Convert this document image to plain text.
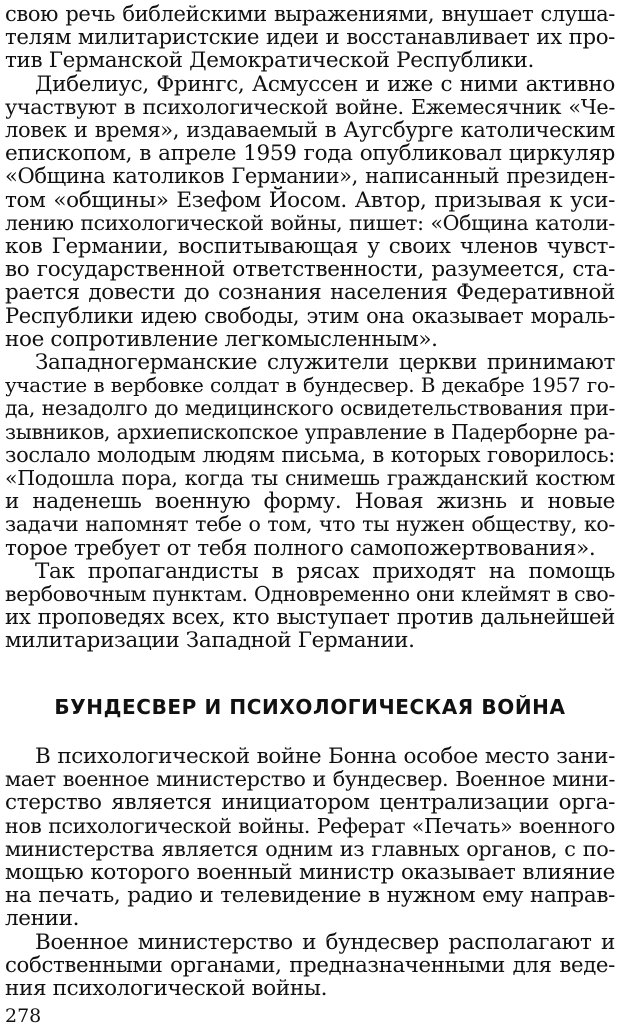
свою речь библейскими выражениями, внушает слуша-
телям милитаристские идеи и восстанавливает их про-
тив Германской Демократической Республики.
Дибелиус, Фрингс, Асмуссен и иже с ними активно
участвуют в психологической войне. Ежемесячник «Че-
ловек и время», издаваемый в Аугсбурге католическим
епископом, в апреле 1959 года опубликовал циркуляр
«Община католиков Германии», написанный президен-
том «общины» Езефом Йосом. Автор, призывая к уси-
лению психологической войны, пишет: «Община католи-
ков Германии, воспитывающая у своих членов чувст-
во государственной ответственности, разумеется, ста-
рается довести до сознания населения Федеративной
Республики идею свободы, этим она оказывает мораль-
ное сопротивление легкомысленным».
Западногерманские служители церкви принимают
участие в вербовке солдат в бундесвер. В декабре 1957 го-
да, незадолго до медицинского освидетельствования при-
зывников, архиепископское управление в Падерборне ра-
зослало молодым людям письма, в которых говорилось:
«Подошла пора, когда ты снимешь гражданский костюм
и наденешь военную форму. Новая жизнь и новые
задачи напомнят тебе о том, что ты нужен обществу, ко-
торое требует от тебя полного самопожертвования».
Так пропагандисты в рясах приходят на помощь
вербовочным пунктам. Одновременно они клеймят в сво-
их проповедях всех, кто выступает против дальнейшей
милитаризации Западной Германии.
БУНДЕСВЕР И ПСИХОЛОГИЧЕСКАЯ ВОЙНА
В психологической войне Бонна особое место зани-
мает военное министерство и бундесвер. Военное мини-
стерство является инициатором централизации орга-
нов психологической войны. Реферат «Печать» военного
министерства является одним из главных органов, с по-
мощью которого военный министр оказывает влияние
на печать, радио и телевидение в нужном ему направ-
лении.
Военное министерство и бундесвер располагают и
собственными органами, предназначенными для веде-
ния психологической войны.
278
